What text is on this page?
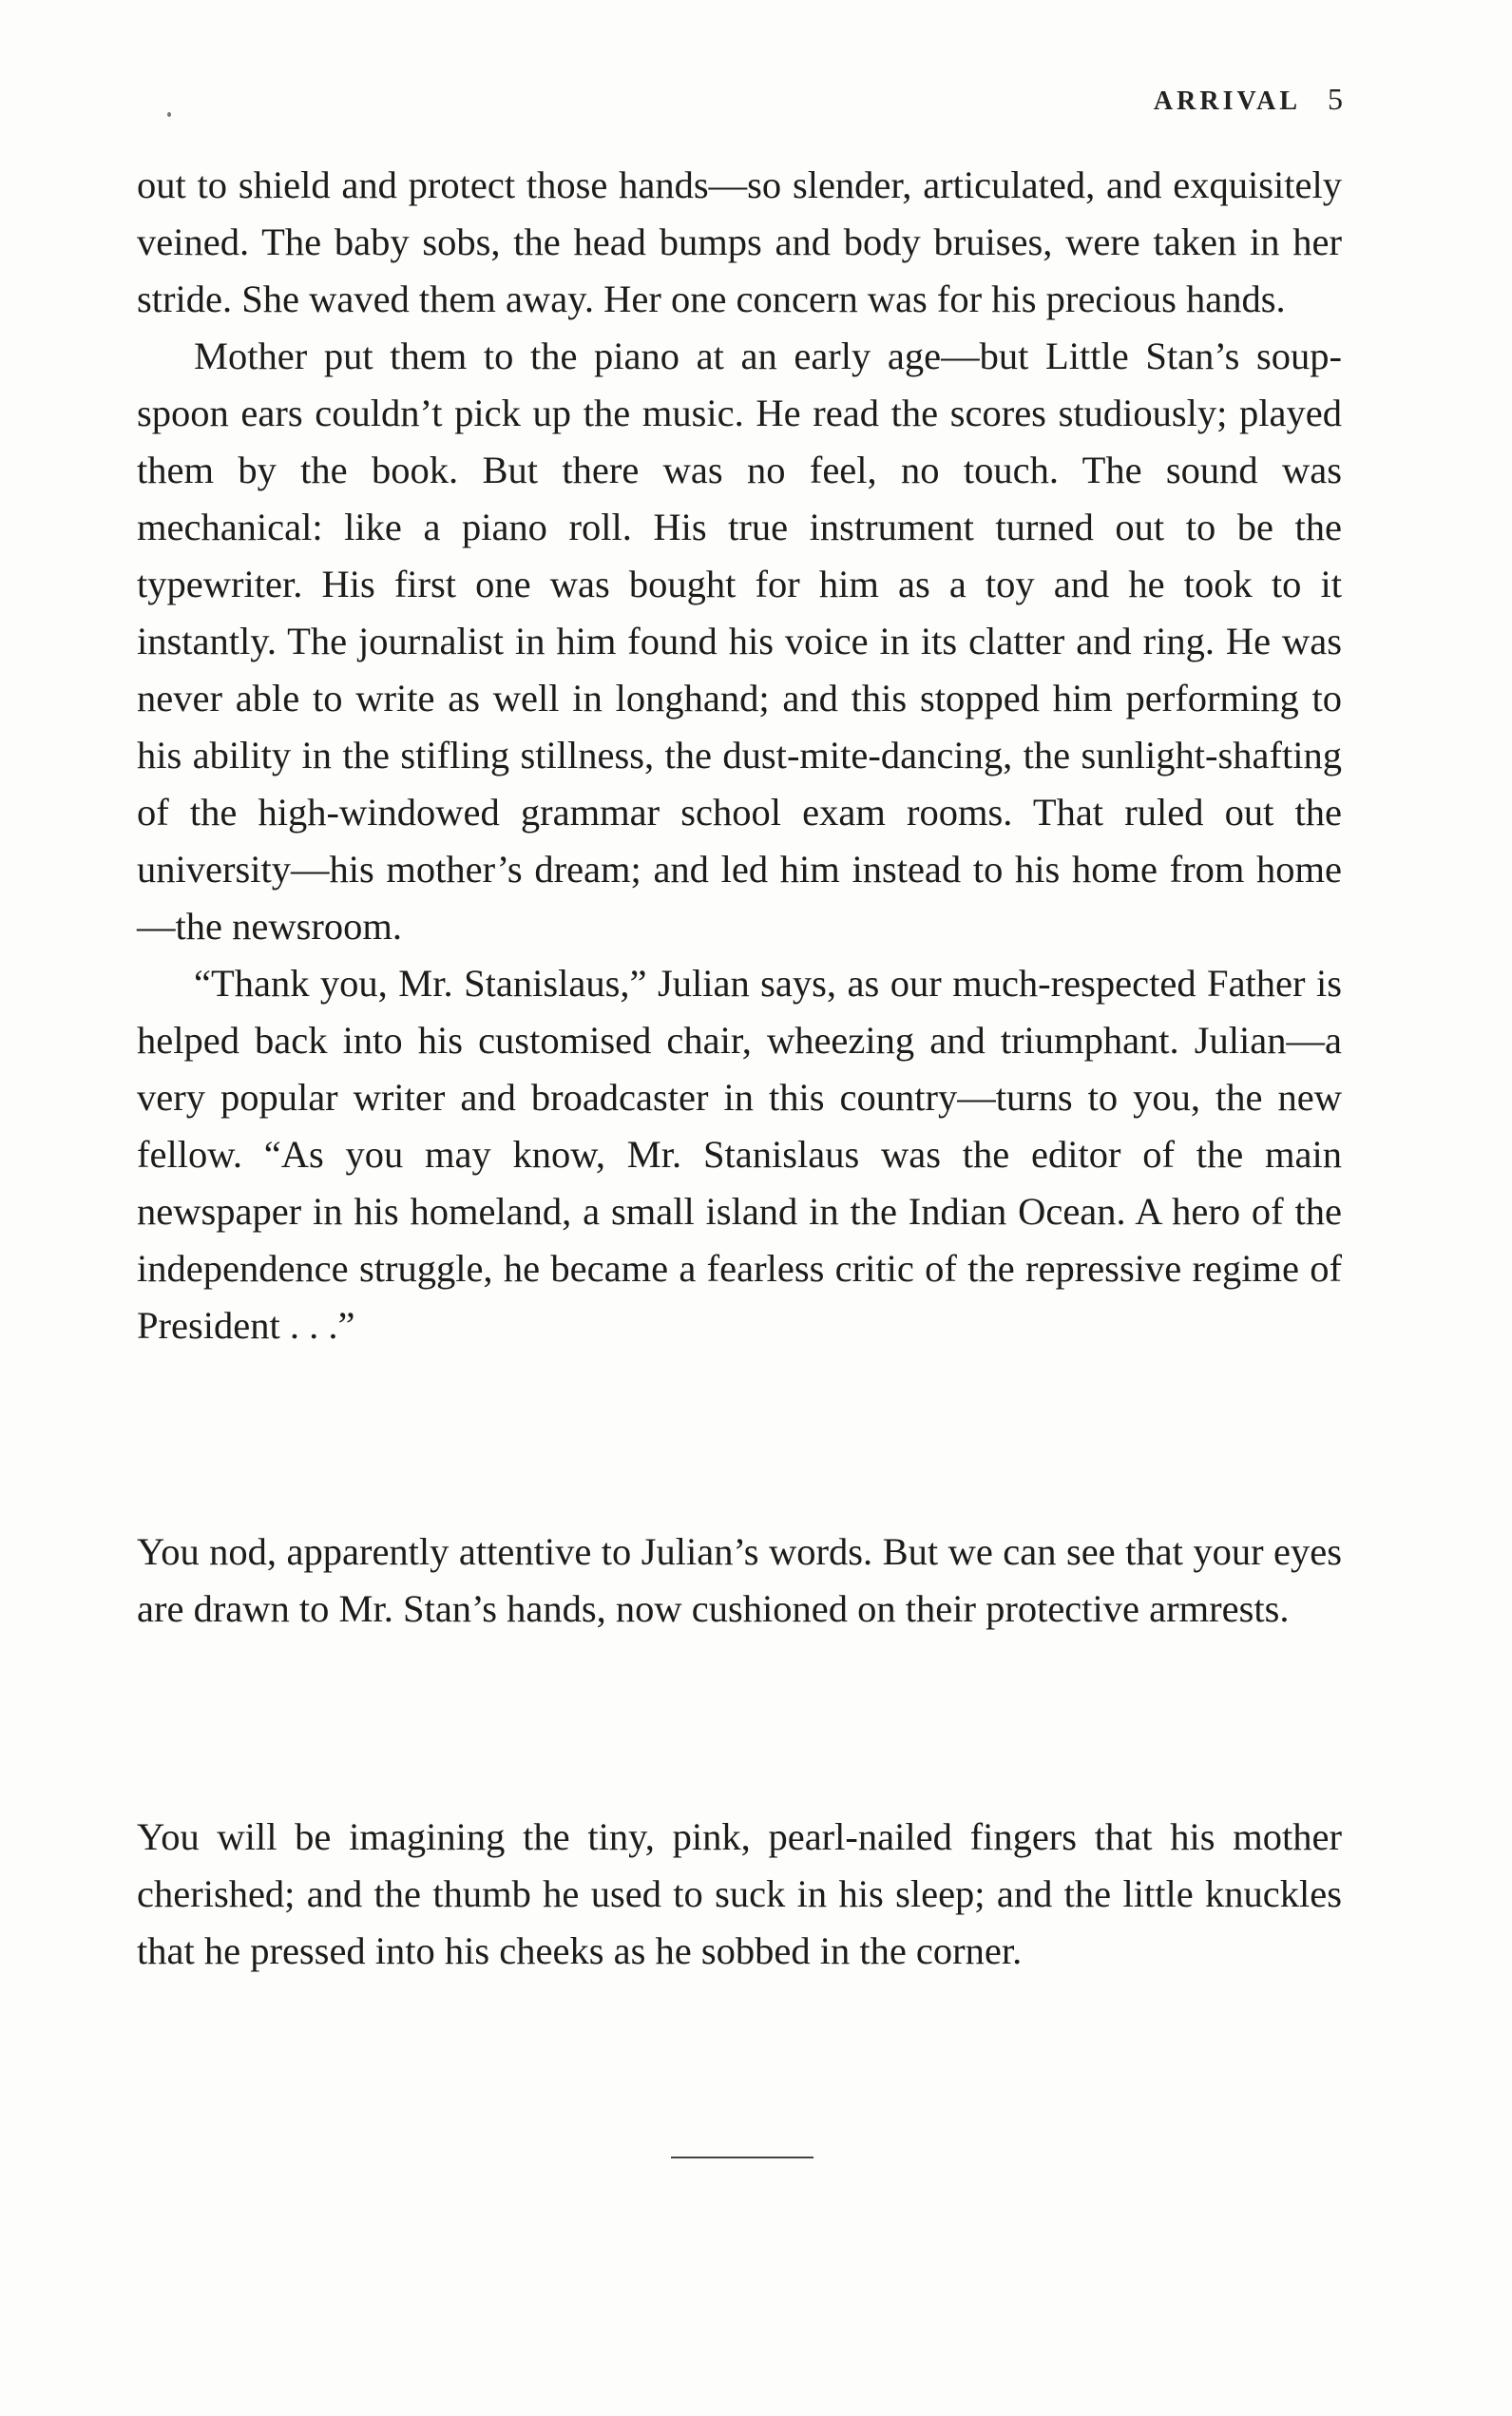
ARRIVAL 5

out to shield and protect those hands—so slender, articulated, and exquisitely veined. The baby sobs, the head bumps and body bruises, were taken in her stride. She waved them away. Her one concern was for his precious hands.

Mother put them to the piano at an early age—but Little Stan’s soup-spoon ears couldn’t pick up the music. He read the scores studiously; played them by the book. But there was no feel, no touch. The sound was mechanical: like a piano roll. His true instrument turned out to be the typewriter. His first one was bought for him as a toy and he took to it instantly. The journalist in him found his voice in its clatter and ring. He was never able to write as well in longhand; and this stopped him performing to his ability in the stifling stillness, the dust-mite-dancing, the sunlight-shafting of the high-windowed grammar school exam rooms. That ruled out the university—his mother’s dream; and led him instead to his home from home—the newsroom.

“Thank you, Mr. Stanislaus,” Julian says, as our much-respected Father is helped back into his customised chair, wheezing and triumphant. Julian—a very popular writer and broadcaster in this country—turns to you, the new fellow. “As you may know, Mr. Stanislaus was the editor of the main newspaper in his homeland, a small island in the Indian Ocean. A hero of the independence struggle, he became a fearless critic of the repressive regime of President . . .”

You nod, apparently attentive to Julian’s words. But we can see that your eyes are drawn to Mr. Stan’s hands, now cushioned on their protective armrests.

You will be imagining the tiny, pink, pearl-nailed fingers that his mother cherished; and the thumb he used to suck in his sleep; and the little knuckles that he pressed into his cheeks as he sobbed in the corner.
